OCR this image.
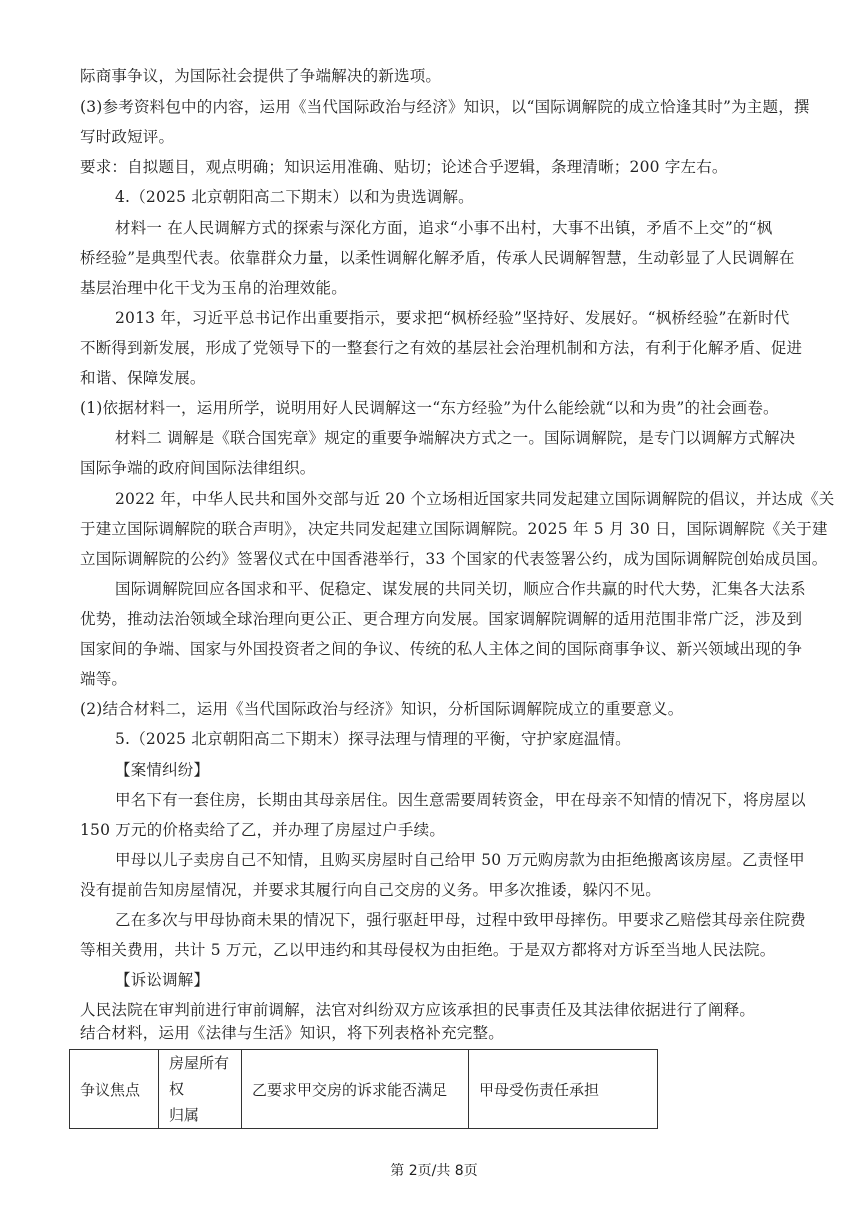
际商事争议，为国际社会提供了争端解决的新选项。
(3)参考资料包中的内容，运用《当代国际政治与经济》知识，以“国际调解院的成立恰逢其时”为主题，撰
写时政短评。
要求：自拟题目，观点明确；知识运用准确、贴切；论述合乎逻辑，条理清晰；200 字左右。
4.（2025 北京朝阳高二下期末）以和为贵选调解。
材料一 在人民调解方式的探索与深化方面，追求“小事不出村，大事不出镇，矛盾不上交”的“枫
桥经验”是典型代表。依靠群众力量，以柔性调解化解矛盾，传承人民调解智慧，生动彰显了人民调解在
基层治理中化干戈为玉帛的治理效能。
2013 年，习近平总书记作出重要指示，要求把“枫桥经验”坚持好、发展好。“枫桥经验”在新时代
不断得到新发展，形成了党领导下的一整套行之有效的基层社会治理机制和方法，有利于化解矛盾、促进
和谐、保障发展。
(1)依据材料一，运用所学，说明用好人民调解这一“东方经验”为什么能绘就“以和为贵”的社会画卷。
材料二 调解是《联合国宪章》规定的重要争端解决方式之一。国际调解院，是专门以调解方式解决
国际争端的政府间国际法律组织。
2022 年，中华人民共和国外交部与近 20 个立场相近国家共同发起建立国际调解院的倡议，并达成《关
于建立国际调解院的联合声明》，决定共同发起建立国际调解院。2025 年 5 月 30 日，国际调解院《关于建
立国际调解院的公约》签署仪式在中国香港举行，33 个国家的代表签署公约，成为国际调解院创始成员国。
国际调解院回应各国求和平、促稳定、谋发展的共同关切，顺应合作共赢的时代大势，汇集各大法系
优势，推动法治领域全球治理向更公正、更合理方向发展。国家调解院调解的适用范围非常广泛，涉及到
国家间的争端、国家与外国投资者之间的争议、传统的私人主体之间的国际商事争议、新兴领域出现的争
端等。
(2)结合材料二，运用《当代国际政治与经济》知识，分析国际调解院成立的重要意义。
5.（2025 北京朝阳高二下期末）探寻法理与情理的平衡，守护家庭温情。
【案情纠纷】
甲名下有一套住房，长期由其母亲居住。因生意需要周转资金，甲在母亲不知情的情况下，将房屋以
150 万元的价格卖给了乙，并办理了房屋过户手续。
甲母以儿子卖房自己不知情，且购买房屋时自己给甲 50 万元购房款为由拒绝搬离该房屋。乙责怪甲
没有提前告知房屋情况，并要求其履行向自己交房的义务。甲多次推诿，躲闪不见。
乙在多次与甲母协商未果的情况下，强行驱赶甲母，过程中致甲母摔伤。甲要求乙赔偿其母亲住院费
等相关费用，共计 5 万元，乙以甲违约和其母侵权为由拒绝。于是双方都将对方诉至当地人民法院。
【诉讼调解】
人民法院在审判前进行审前调解，法官对纠纷双方应该承担的民事责任及其法律依据进行了阐释。
结合材料，运用《法律与生活》知识，将下列表格补充完整。
争议焦点	房屋所有权
归属	乙要求甲交房的诉求能否满足	甲母受伤责任承担
第 2页/共 8页
